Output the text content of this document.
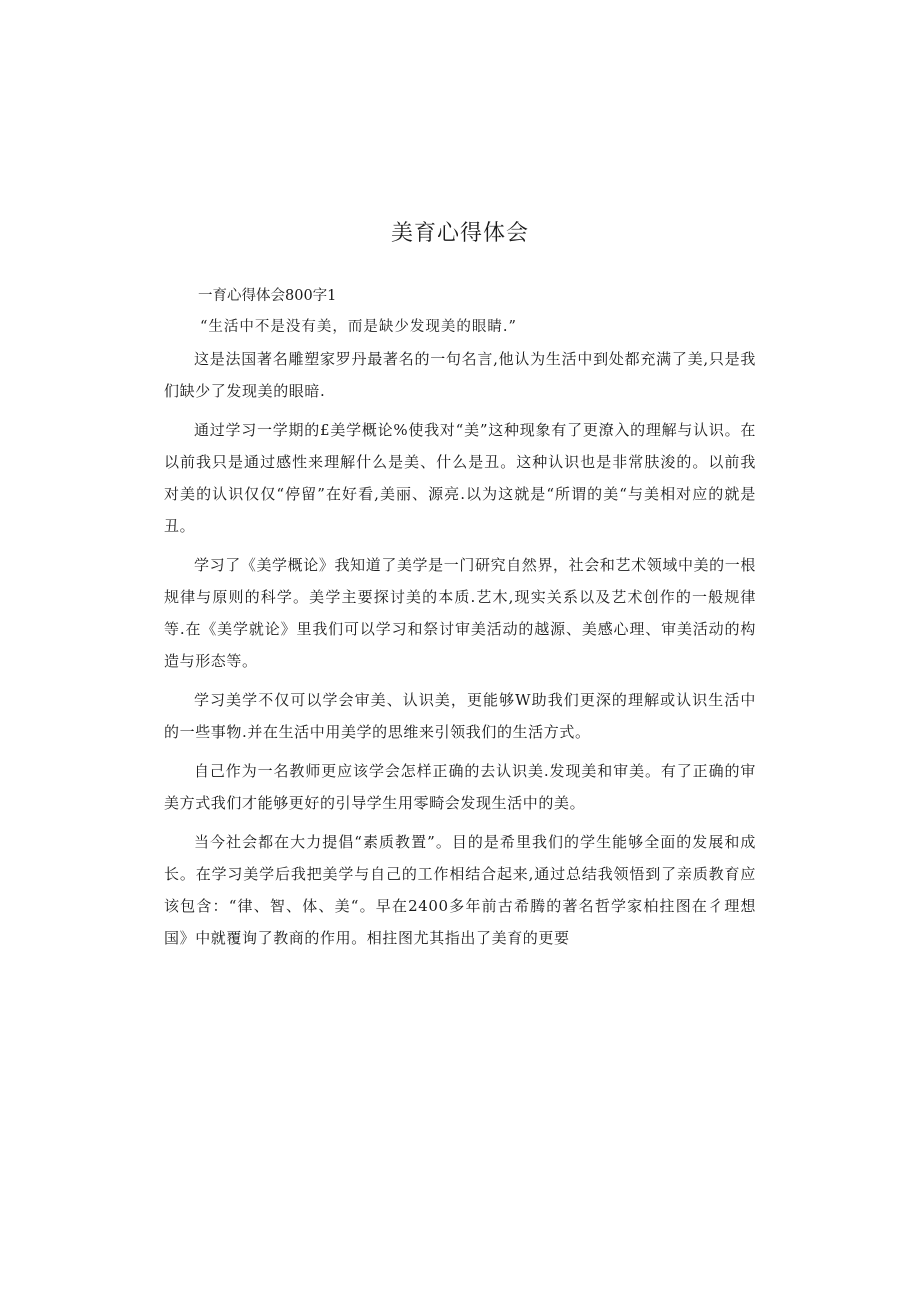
美育心得体会

一育心得体会800字1

“生活中不是没有美，而是缺少发现美的眼睛.”

这是法国著名雕塑家罗丹最著名的一句名言,他认为生活中到处都充满了美,只是我们缺少了发现美的眼暗.

通过学习一学期的£美学概论%使我对“美”这种现象有了更潦入的理解与认识。在以前我只是通过感性来理解什么是美、什么是丑。这种认识也是非常肤浚的。以前我对美的认识仅仅“停留”在好看,美丽、源亮.以为这就是“所谓的美“与美相对应的就是丑。

学习了《美学概论》我知道了美学是一门研究自然界，社会和艺术领域中美的一根规律与原则的科学。美学主要探讨美的本质.艺木,现实关系以及艺术创作的一般规律等.在《美学就论》里我们可以学习和祭讨审美活动的越源、美感心理、审美活动的构造与形态等。

学习美学不仅可以学会审美、认识美，更能够W助我们更深的理解或认识生活中的一些事物.并在生活中用美学的思维来引领我们的生活方式。

自己作为一名教师更应该学会怎样正确的去认识美.发现美和审美。有了正确的审美方式我们才能够更好的引导学生用零畸会发现生活中的美。

当今社会都在大力提倡“素质教置”。目的是希里我们的学生能够全面的发展和成长。在学习美学后我把美学与自己的工作相结合起来,通过总结我领悟到了亲质教育应该包含：“律、智、体、美“。早在2400多年前古希腾的著名哲学家柏拄图在彳理想国》中就覆询了教商的作用。相拄图尤其指出了美育的更要
